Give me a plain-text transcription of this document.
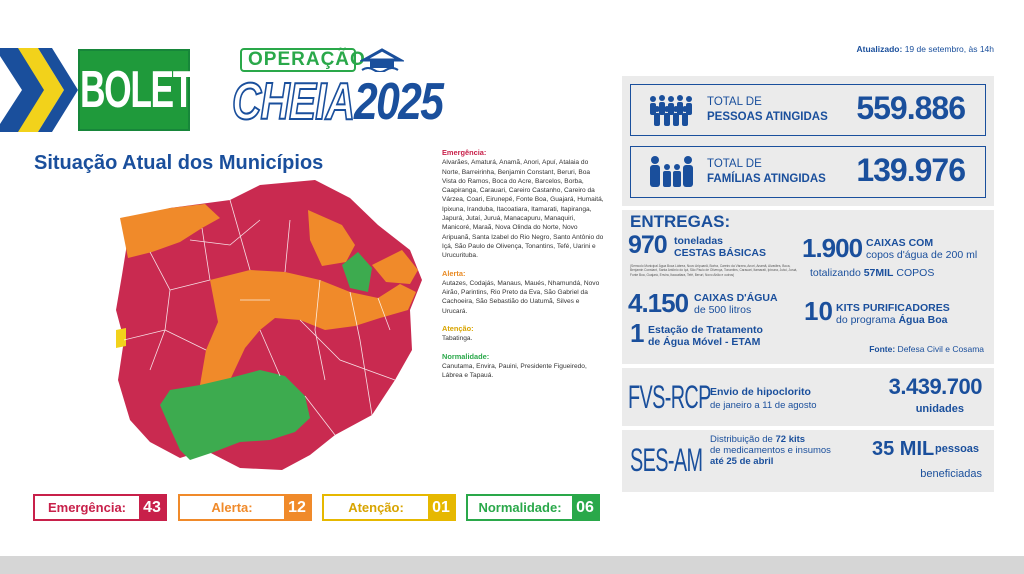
BOLETIM
OPERAÇÃO
CHEIA 2025
Atualizado: 19 de setembro, às 14h
Situação Atual dos Municípios	Emergência:
Alvarães, Amaturá, Anamã, Anori, Apuí, Atalaia do Norte, Barreirinha, Benjamin Constant, Beruri, Boa Vista do Ramos, Boca do Acre, Barcelos, Borba, Caapiranga, Carauari, Careiro Castanho, Careiro da Várzea, Coari, Eirunepé, Fonte Boa, Guajará, Humaitá, Ipixuna, Iranduba, Itacoatiara, Itamarati, Itapiranga, Japurá, Jutaí, Juruá, Manacapuru, Manaquiri, Manicoré, Maraã, Nova Olinda do Norte, Novo Aripuanã, Santa Izabel do Rio Negro, Santo Antônio do Içá, São Paulo de Olivença, Tonantins, Tefé, Uarini e Urucurituba.

Alerta:
Autazes, Codajás, Manaus, Maués, Nhamundá, Novo Airão, Parintins, Rio Preto da Eva, São Gabriel da Cachoeira, São Sebastião do Uatumã, Silves e Urucará.

Atenção:
Tabatinga.

Normalidade:
Canutama, Envira, Pauini, Presidente Figueiredo, Lábrea e Tapauá.

Emergência:	43	Alerta:	12	Atenção:	01	Normalidade: 06
TOTAL DE
PESSOAS ATINGIDAS 559.886
TOTAL DE
FAMÍLIAS ATINGIDAS 139.976
ENTREGAS:
970 toneladas
CESTAS BÁSICAS
(Semcolo Municipal Água Boca Lábrea, Novo Aripuanã, Borba, Careiro da Várzea, Anori, Anamã, Alvarães, Boca, Benjamin Constant, Santa Antônio do Içá, São Paulo de Olivença, Tonantins, Carauari, Itamarati, Ipixuna, Jutaí, Juruá, Fonte Boa, Guajará, Envira, Itacoatiara, Tefé, Beruri, Novo Airão e outros)
1.900 CAIXAS COM
copos d'água de 200 ml
totalizando 57MIL COPOS
4.150 CAIXAS D'ÁGUA
de 500 litros	10 KITS PURIFICADORES
do programa Água Boa
1 Estação de Tratamento
de Água Móvel - ETAM
Fonte: Defesa Civil e Cosama
FVS-RCP Envio de hipoclorito
de janeiro a 11 de agosto
3.439.700
unidades
SES-AM
Distribuição de 72 kits
de medicamentos e insumos
até 25 de abril
35 MIL pessoas
beneficiadas
